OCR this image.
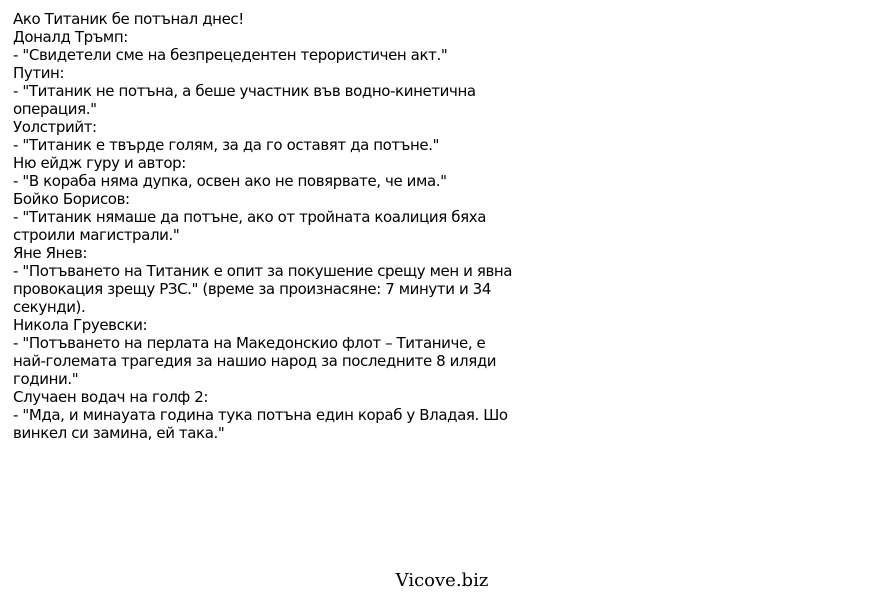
Ако Титаник бе потънал днес!
Доналд Тръмп:
- "Свидетели сме на безпрецедентен терористичен акт."
Путин:
- "Титаник не потъна, а беше участник във водно-кинетична
операция."
Уолстрийт:
- "Титаник е твърде голям, за да го оставят да потъне."
Ню ейдж гуру и автор:
- "В кораба няма дупка, освен ако не повярвате, че има."
Бойко Борисов:
- "Титаник нямаше да потъне, ако от тройната коалиция бяха
строили магистрали."
Яне Янев:
- "Потъването на Титаник е опит за покушение срещу мен и явна
провокация зрещу РЗС." (време за произнасяне: 7 минути и 34
секунди).
Никола Груевски:
- "Потъването на перлата на Македонскио флот – Титаниче, е
най-големата трагедия за нашио народ за последните 8 иляди
години."
Случаен водач на голф 2:
- "Мда, и минауата година тука потъна един кораб у Владая. Шо
винкел си замина, ей така."
Vicove.biz
